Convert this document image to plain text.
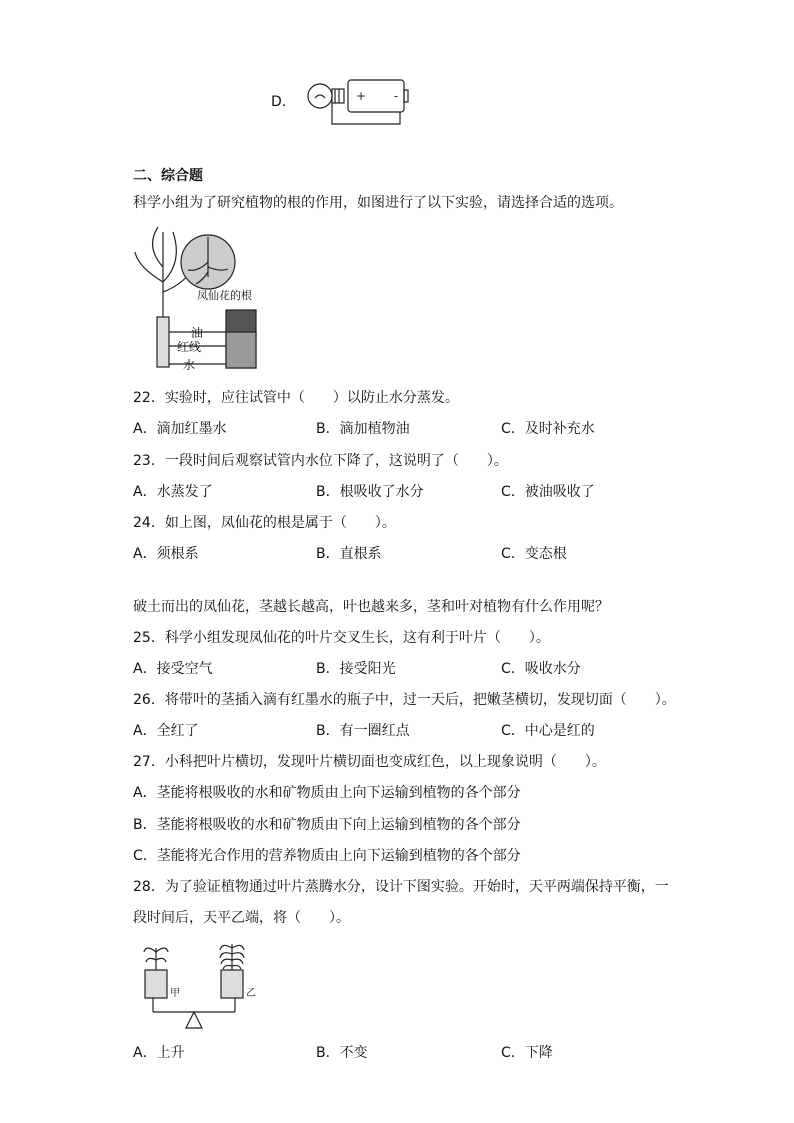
D．	+ -
二、综合题
科学小组为了研究植物的根的作用，如图进行了以下实验，请选择合适的选项。
凤仙花的根
油
红线
水
22．实验时，应往试管中（　　）以防止水分蒸发。
A．滴加红墨水	B．滴加植物油	C．及时补充水
23．一段时间后观察试管内水位下降了，这说明了（　　）。
A．水蒸发了	B．根吸收了水分	C．被油吸收了
24．如上图，凤仙花的根是属于（　　）。
A．须根系	B．直根系	C．变态根
破土而出的凤仙花，茎越长越高，叶也越来多，茎和叶对植物有什么作用呢？
25．科学小组发现凤仙花的叶片交叉生长，这有利于叶片（　　）。
A．接受空气	B．接受阳光	C．吸收水分
26．将带叶的茎插入滴有红墨水的瓶子中，过一天后，把嫩茎横切，发现切面（　　）。
A．全红了	B．有一圈红点	C．中心是红的
27．小科把叶片横切，发现叶片横切面也变成红色，以上现象说明（　　）。
A．茎能将根吸收的水和矿物质由上向下运输到植物的各个部分
B．茎能将根吸收的水和矿物质由下向上运输到植物的各个部分
C．茎能将光合作用的营养物质由上向下运输到植物的各个部分
28．为了验证植物通过叶片蒸腾水分，设计下图实验。开始时，天平两端保持平衡，一
段时间后，天平乙端，将（　　）。
甲	乙
A．上升	B．不变	C．下降
